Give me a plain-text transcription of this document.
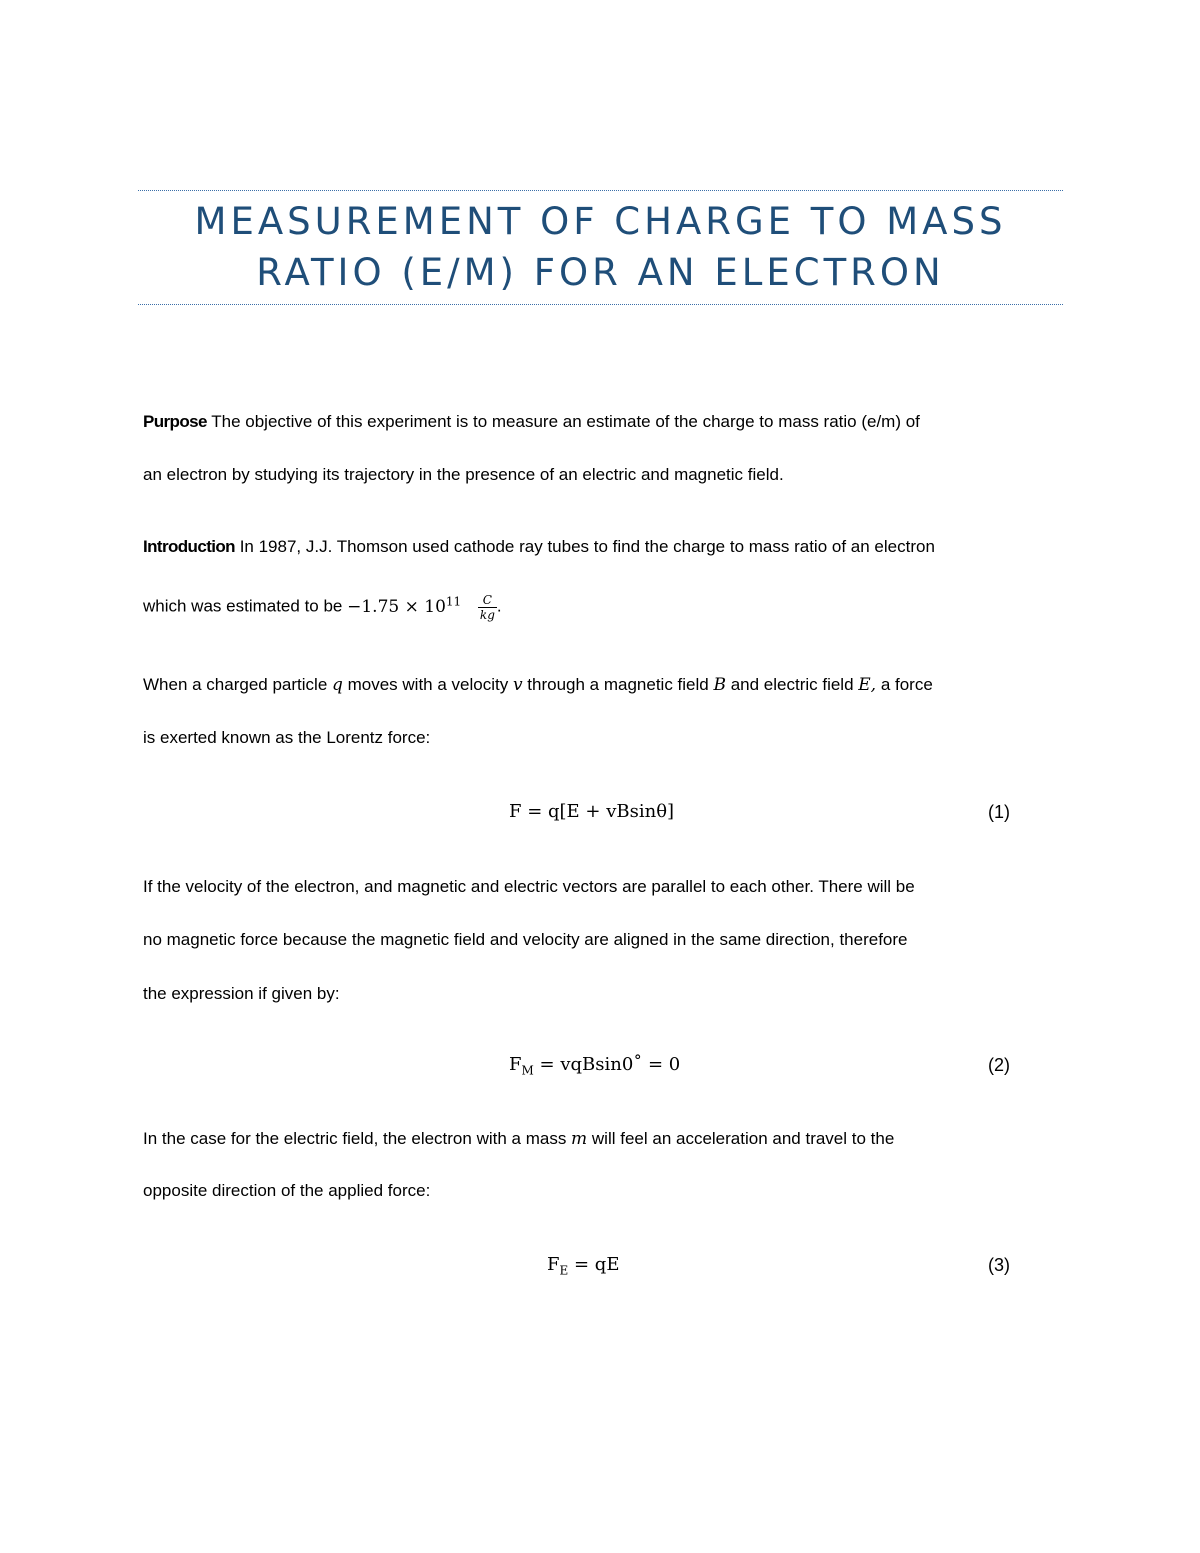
MEASUREMENT OF CHARGE TO MASS
RATIO (E/M) FOR AN ELECTRON
Purpose The objective of this experiment is to measure an estimate of the charge to mass ratio (e/m) of
an electron by studying its trajectory in the presence of an electric and magnetic field.
Introduction In 1987, J.J. Thomson used cathode ray tubes to find the charge to mass ratio of an electron
which was estimated to be $-1.75 \times 10^{11} \frac{C}{kg}$ .
When a charged particle q moves with a velocity v through a magnetic field B and electric field E, a force
is exerted known as the Lorentz force:
F = q[E + vBsinθ]	(1)
If the velocity of the electron, and magnetic and electric vectors are parallel to each other. There will be
no magnetic force because the magnetic field and velocity are aligned in the same direction, therefore
the expression if given by:
$F_M$ = vqBsin0˚ = 0	(2)
In the case for the electric field, the electron with a mass m will feel an acceleration and travel to the
opposite direction of the applied force:
$F_E$ = qE	(3)
